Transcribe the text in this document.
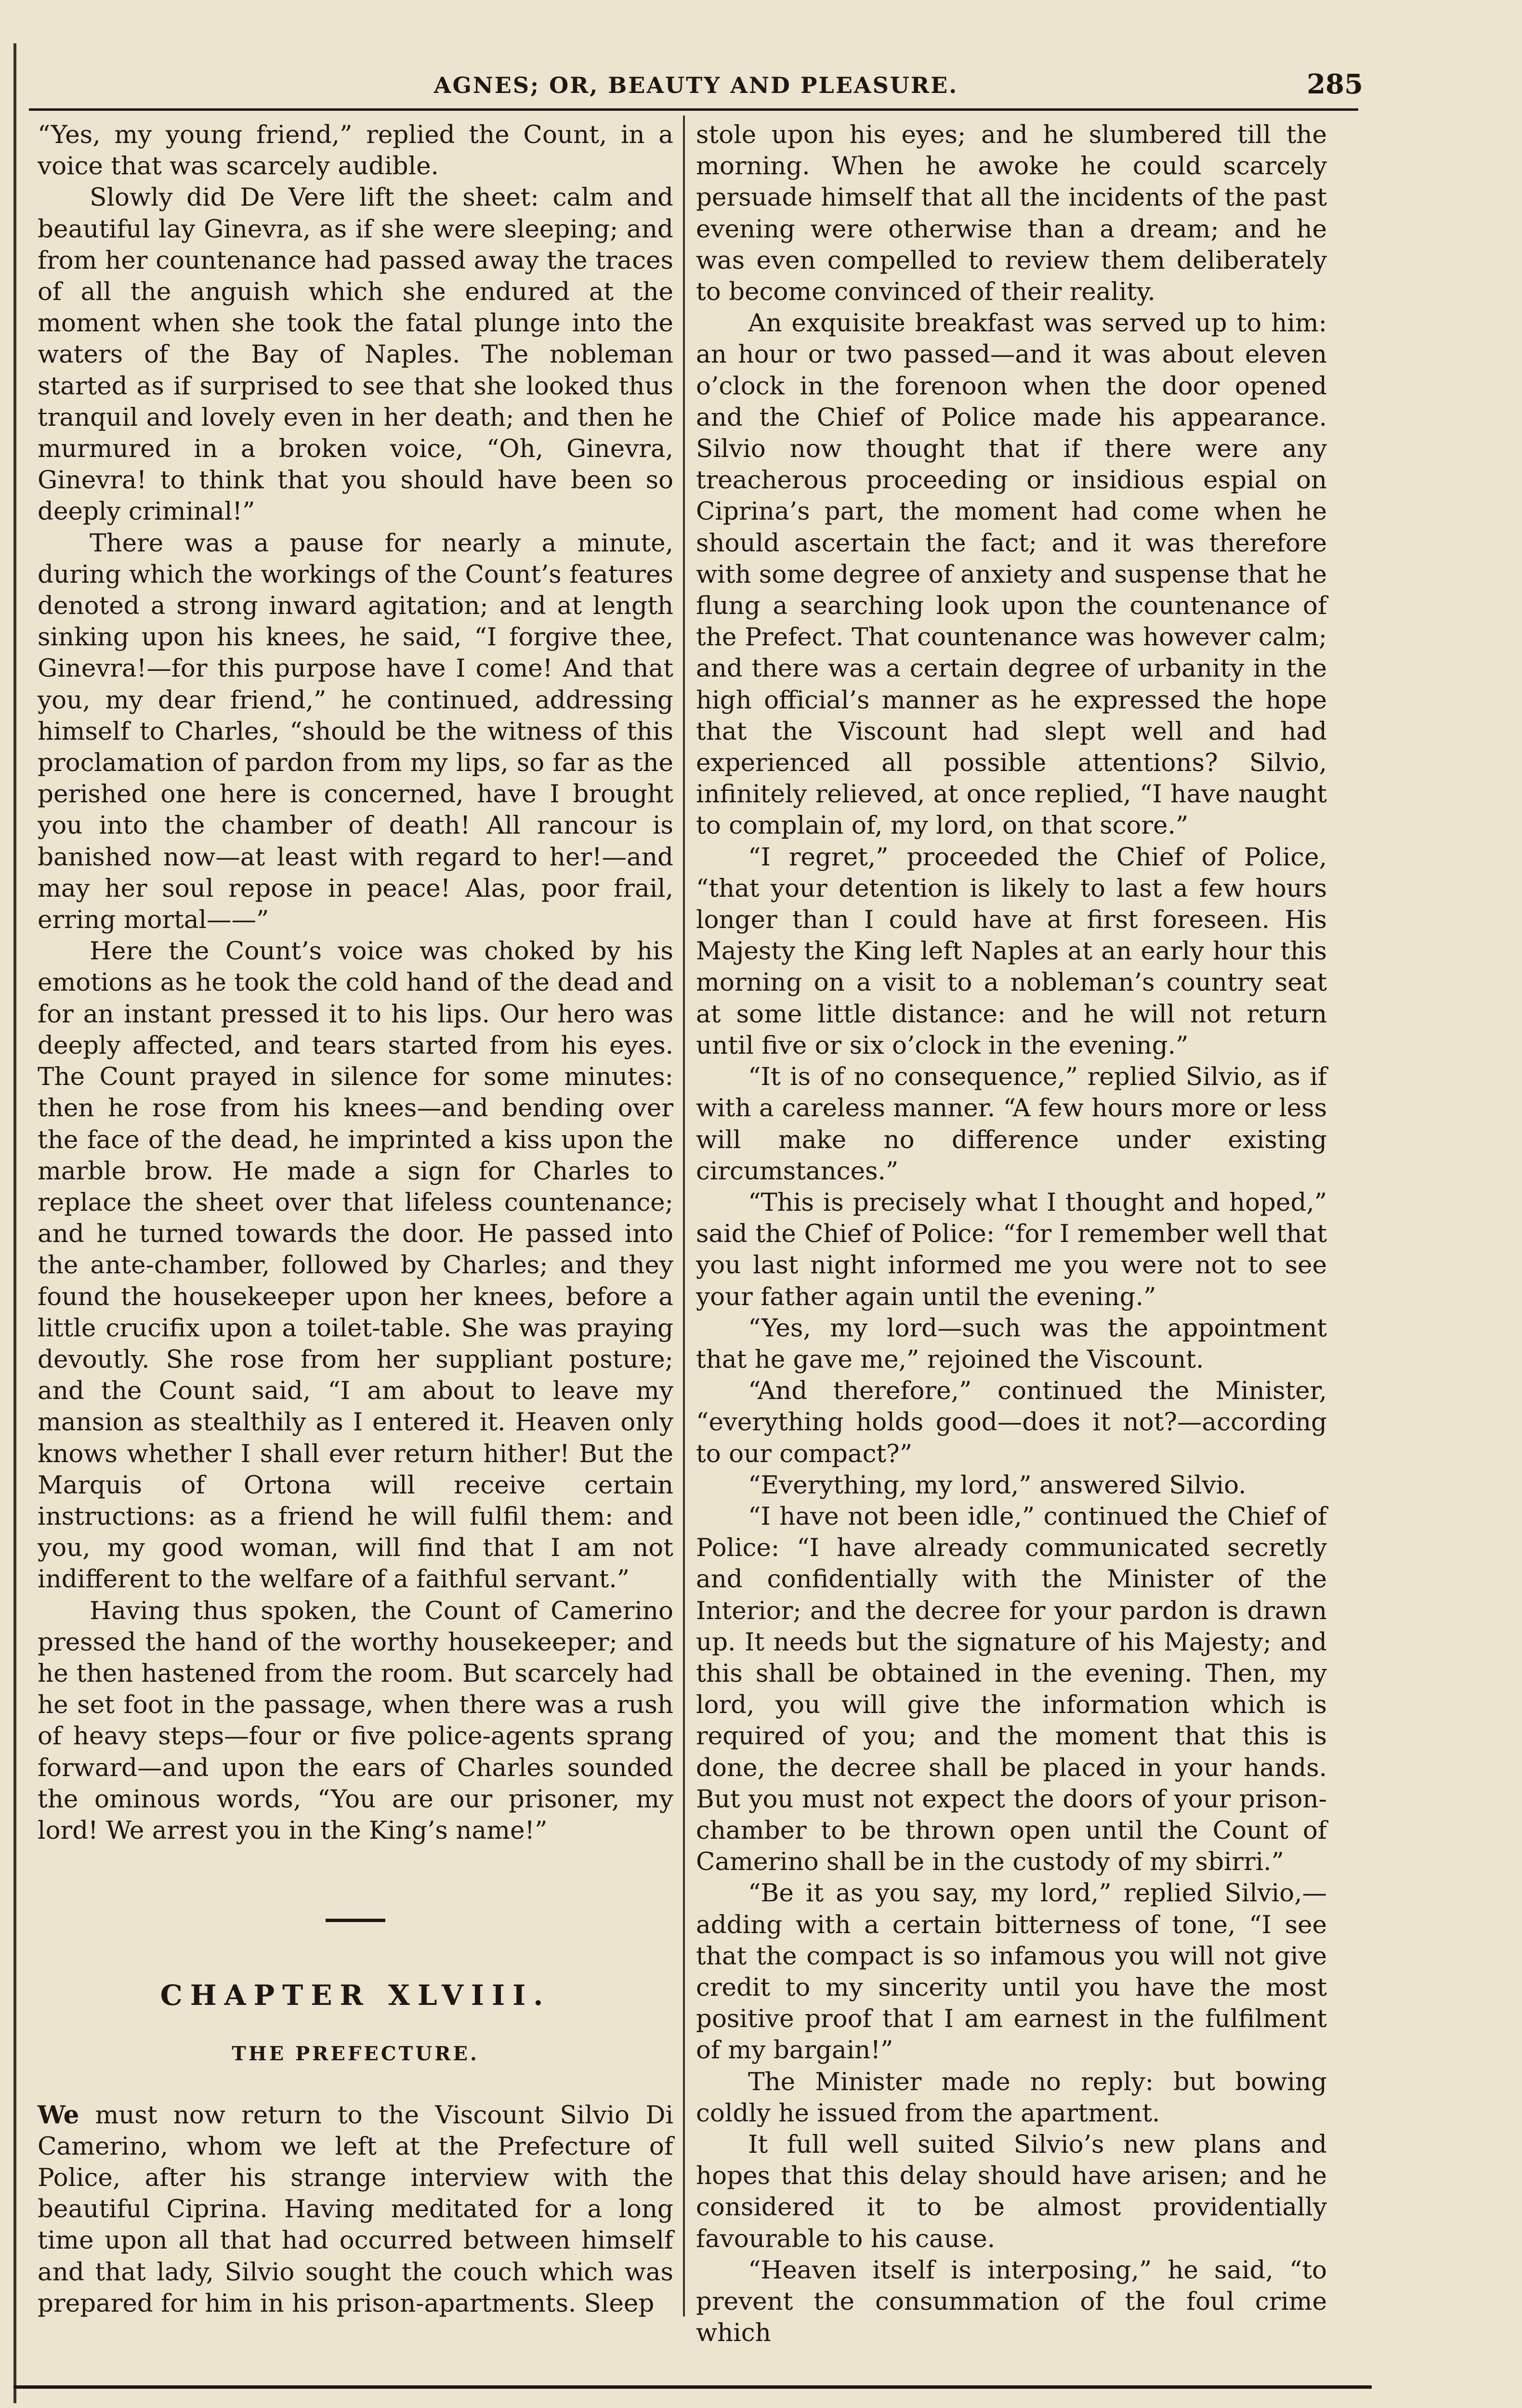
AGNES; OR, BEAUTY AND PLEASURE.	285

“Yes, my young friend,” replied the Count, in a voice that was scarcely audible.

Slowly did De Vere lift the sheet: calm and beautiful lay Ginevra, as if she were sleeping; and from her countenance had passed away the traces of all the anguish which she endured at the moment when she took the fatal plunge into the waters of the Bay of Naples. The nobleman started as if surprised to see that she looked thus tranquil and lovely even in her death; and then he murmured in a broken voice, “Oh, Ginevra, Ginevra! to think that you should have been so deeply criminal!”

There was a pause for nearly a minute, during which the workings of the Count’s features denoted a strong inward agitation; and at length sinking upon his knees, he said, “I forgive thee, Ginevra!—for this purpose have I come! And that you, my dear friend,” he continued, addressing himself to Charles, “should be the witness of this proclamation of pardon from my lips, so far as the perished one here is concerned, have I brought you into the chamber of death! All rancour is banished now—at least with regard to her!—and may her soul repose in peace! Alas, poor frail, erring mortal——”

Here the Count’s voice was choked by his emotions as he took the cold hand of the dead and for an instant pressed it to his lips. Our hero was deeply affected, and tears started from his eyes. The Count prayed in silence for some minutes: then he rose from his knees—and bending over the face of the dead, he imprinted a kiss upon the marble brow. He made a sign for Charles to replace the sheet over that lifeless countenance; and he turned towards the door. He passed into the ante-chamber, followed by Charles; and they found the housekeeper upon her knees, before a little crucifix upon a toilet-table. She was praying devoutly. She rose from her suppliant posture; and the Count said, “I am about to leave my mansion as stealthily as I entered it. Heaven only knows whether I shall ever return hither! But the Marquis of Ortona will receive certain instructions: as a friend he will fulfil them: and you, my good woman, will find that I am not indifferent to the welfare of a faithful servant.”

Having thus spoken, the Count of Camerino pressed the hand of the worthy housekeeper; and he then hastened from the room. But scarcely had he set foot in the passage, when there was a rush of heavy steps—four or five police-agents sprang forward—and upon the ears of Charles sounded the ominous words, “You are our prisoner, my lord! We arrest you in the King’s name!”

CHAPTER XLVIII.
THE PREFECTURE.

We must now return to the Viscount Silvio Di Camerino, whom we left at the Prefecture of Police, after his strange interview with the beautiful Ciprina. Having meditated for a long time upon all that had occurred between himself and that lady, Silvio sought the couch which was prepared for him in his prison-apartments. Sleep

stole upon his eyes; and he slumbered till the morning. When he awoke he could scarcely persuade himself that all the incidents of the past evening were otherwise than a dream; and he was even compelled to review them deliberately to become convinced of their reality.

An exquisite breakfast was served up to him: an hour or two passed—and it was about eleven o’clock in the forenoon when the door opened and the Chief of Police made his appearance. Silvio now thought that if there were any treacherous proceeding or insidious espial on Ciprina’s part, the moment had come when he should ascertain the fact; and it was therefore with some degree of anxiety and suspense that he flung a searching look upon the countenance of the Prefect. That countenance was however calm; and there was a certain degree of urbanity in the high official’s manner as he expressed the hope that the Viscount had slept well and had experienced all possible attentions? Silvio, infinitely relieved, at once replied, “I have naught to complain of, my lord, on that score.”

“I regret,” proceeded the Chief of Police, “that your detention is likely to last a few hours longer than I could have at first foreseen. His Majesty the King left Naples at an early hour this morning on a visit to a nobleman’s country seat at some little distance: and he will not return until five or six o’clock in the evening.”

“It is of no consequence,” replied Silvio, as if with a careless manner. “A few hours more or less will make no difference under existing circumstances.”

“This is precisely what I thought and hoped,” said the Chief of Police: “for I remember well that you last night informed me you were not to see your father again until the evening.”

“Yes, my lord—such was the appointment that he gave me,” rejoined the Viscount.

“And therefore,” continued the Minister, “everything holds good—does it not?—according to our compact?”

“Everything, my lord,” answered Silvio.

“I have not been idle,” continued the Chief of Police: “I have already communicated secretly and confidentially with the Minister of the Interior; and the decree for your pardon is drawn up. It needs but the signature of his Majesty; and this shall be obtained in the evening. Then, my lord, you will give the information which is required of you; and the moment that this is done, the decree shall be placed in your hands. But you must not expect the doors of your prison-chamber to be thrown open until the Count of Camerino shall be in the custody of my sbirri.”

“Be it as you say, my lord,” replied Silvio,—adding with a certain bitterness of tone, “I see that the compact is so infamous you will not give credit to my sincerity until you have the most positive proof that I am earnest in the fulfilment of my bargain!”

The Minister made no reply: but bowing coldly he issued from the apartment.

It full well suited Silvio’s new plans and hopes that this delay should have arisen; and he considered it to be almost providentially favourable to his cause.

“Heaven itself is interposing,” he said, “to prevent the consummation of the foul crime which
